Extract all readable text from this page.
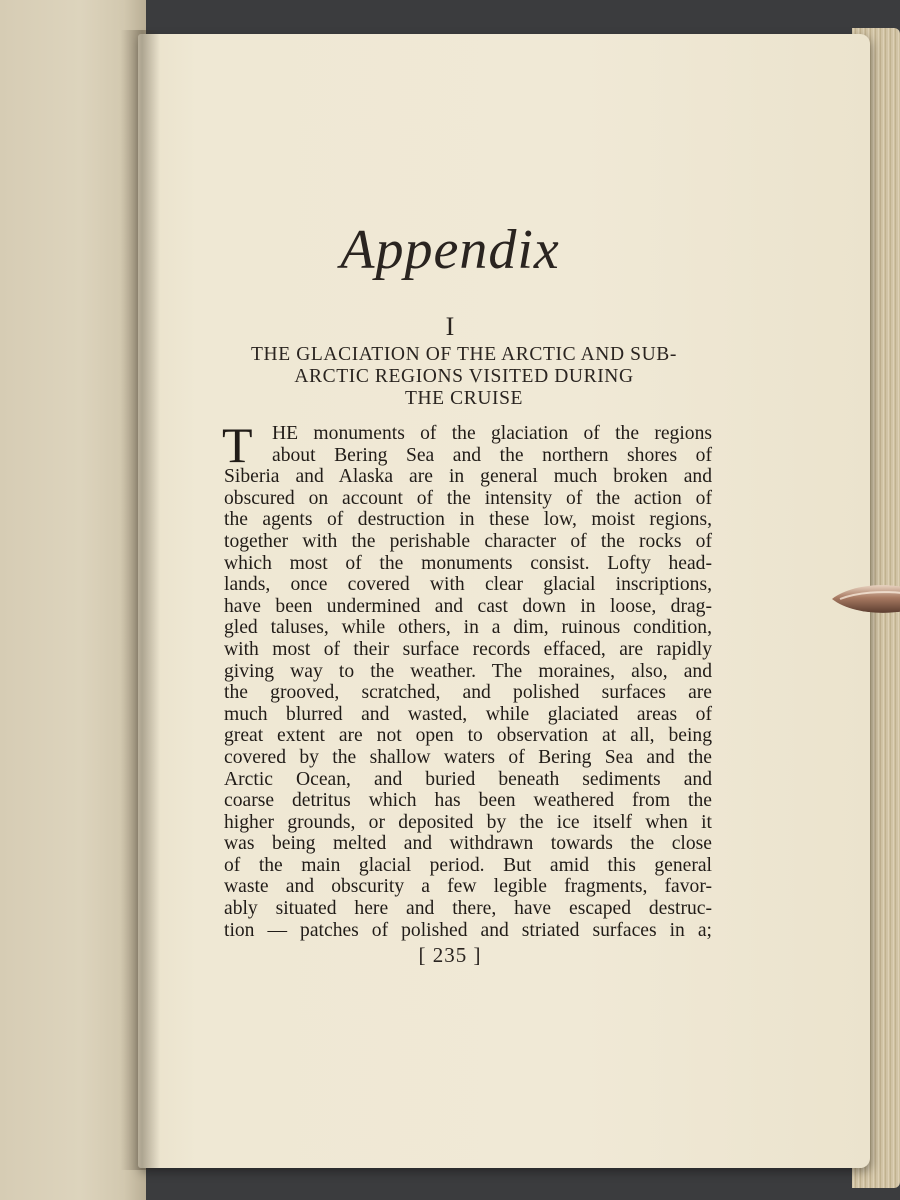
Appendix
I
THE GLACIATION OF THE ARCTIC AND SUB-
ARCTIC REGIONS VISITED DURING
THE CRUISE
T HE monuments of the glaciation of the regions
about Bering Sea and the northern shores of
Siberia and Alaska are in general much broken and
obscured on account of the intensity of the action of
the agents of destruction in these low, moist regions,
together with the perishable character of the rocks of
which most of the monuments consist. Lofty head-
lands, once covered with clear glacial inscriptions,
have been undermined and cast down in loose, drag-
gled taluses, while others, in a dim, ruinous condition,
with most of their surface records effaced, are rapidly
giving way to the weather. The moraines, also, and
the grooved, scratched, and polished surfaces are
much blurred and wasted, while glaciated areas of
great extent are not open to observation at all, being
covered by the shallow waters of Bering Sea and the
Arctic Ocean, and buried beneath sediments and
coarse detritus which has been weathered from the
higher grounds, or deposited by the ice itself when it
was being melted and withdrawn towards the close
of the main glacial period. But amid this general
waste and obscurity a few legible fragments, favor-
ably situated here and there, have escaped destruc-
tion — patches of polished and striated surfaces in a;
[ 235 ]
